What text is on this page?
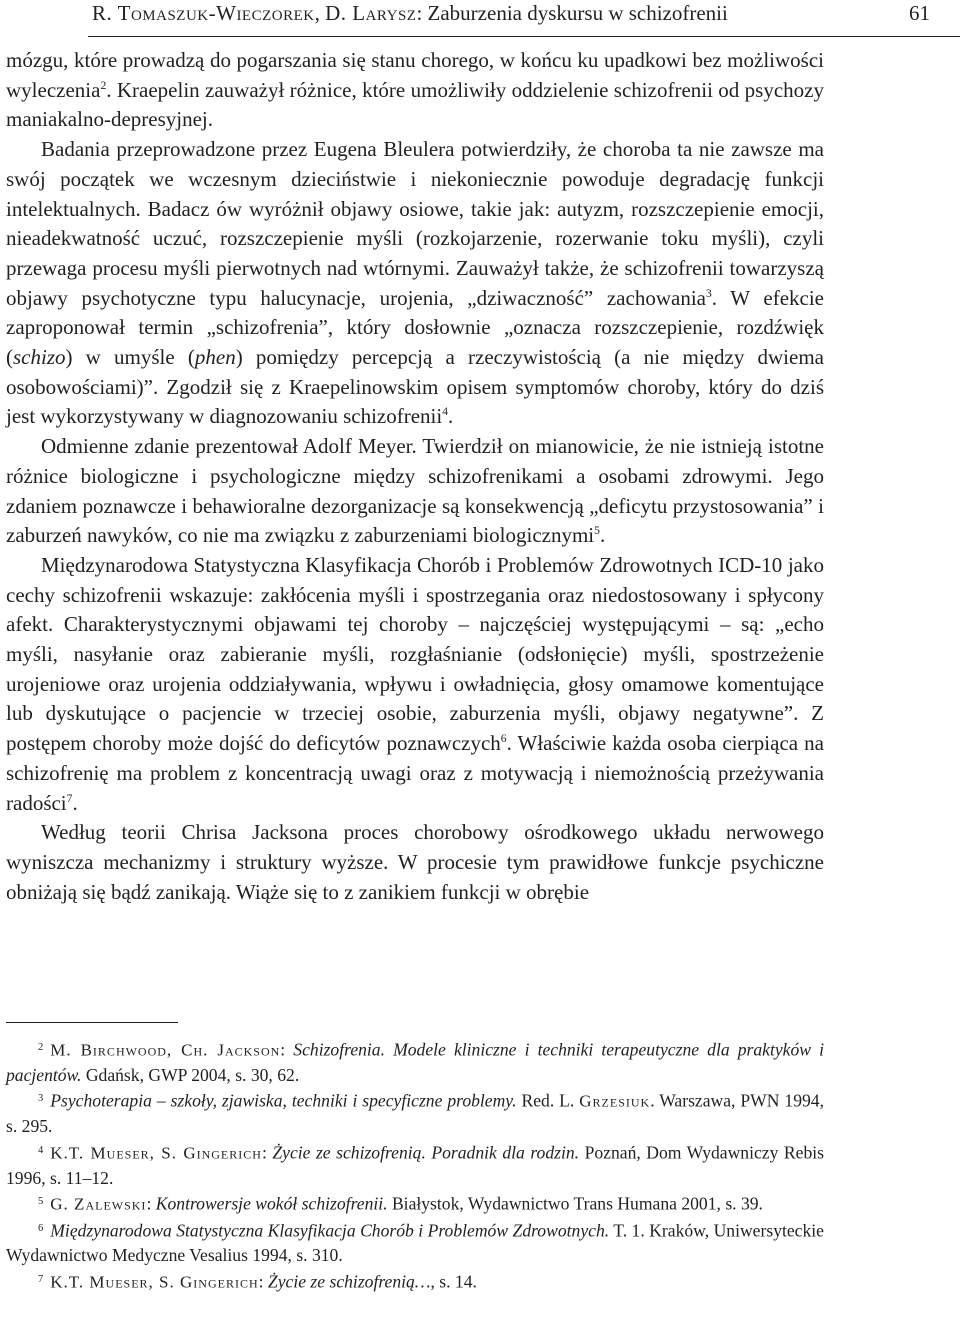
R. Tomaszuk-Wieczorek, D. Larysz: Zaburzenia dyskursu w schizofrenii	61

mózgu, które prowadzą do pogarszania się stanu chorego, w końcu ku upadkowi bez możliwości wyleczenia$^2$. Kraepelin zauważył różnice, które umożliwiły oddzielenie schizofrenii od psychozy maniakalno-depresyjnej.

Badania przeprowadzone przez Eugena Bleulera potwierdziły, że choroba ta nie zawsze ma swój początek we wczesnym dzieciństwie i niekoniecznie powoduje degradację funkcji intelektualnych. Badacz ów wyróżnił objawy osiowe, takie jak: autyzm, rozszczepienie emocji, nieadekwatność uczuć, rozszczepienie myśli (rozkojarzenie, rozerwanie toku myśli), czyli przewaga procesu myśli pierwotnych nad wtórnymi. Zauważył także, że schizofrenii towarzyszą objawy psychotyczne typu halucynacje, urojenia, „dziwaczność” zachowania$^3$. W efekcie zaproponował termin „schizofrenia”, który dosłownie „oznacza rozszczepienie, rozdźwięk (schizo) w umyśle (phen) pomiędzy percepcją a rzeczywistością (a nie między dwiema osobowościami)”. Zgodził się z Kraepelinowskim opisem symptomów choroby, który do dziś jest wykorzystywany w diagnozowaniu schizofrenii$^4$.

Odmienne zdanie prezentował Adolf Meyer. Twierdził on mianowicie, że nie istnieją istotne różnice biologiczne i psychologiczne między schizofrenikami a osobami zdrowymi. Jego zdaniem poznawcze i behawioralne dezorganizacje są konsekwencją „deficytu przystosowania” i zaburzeń nawyków, co nie ma związku z zaburzeniami biologicznymi$^5$.

Międzynarodowa Statystyczna Klasyfikacja Chorób i Problemów Zdrowotnych ICD-10 jako cechy schizofrenii wskazuje: zakłócenia myśli i spostrzegania oraz niedostosowany i spłycony afekt. Charakterystycznymi objawami tej choroby – najczęściej występującymi – są: „echo myśli, nasyłanie oraz zabieranie myśli, rozgłaśnianie (odsłonięcie) myśli, spostrzeżenie urojeniowe oraz urojenia oddziaływania, wpływu i owładnięcia, głosy omamowe komentujące lub dyskutujące o pacjencie w trzeciej osobie, zaburzenia myśli, objawy negatywne”. Z postępem choroby może dojść do deficytów poznawczych$^6$. Właściwie każda osoba cierpiąca na schizofrenię ma problem z koncentracją uwagi oraz z motywacją i niemożnością przeżywania radości$^7$.

Według teorii Chrisa Jacksona proces chorobowy ośrodkowego układu nerwowego wyniszcza mechanizmy i struktury wyższe. W procesie tym prawidłowe funkcje psychiczne obniżają się bądź zanikają. Wiąże się to z zanikiem funkcji w obrębie

$^2$ M. Birchwood, Ch. Jackson: Schizofrenia. Modele kliniczne i techniki terapeutyczne dla praktyków i pacjentów. Gdańsk, GWP 2004, s. 30, 62.

$^3$ Psychoterapia – szkoły, zjawiska, techniki i specyficzne problemy. Red. L. Grzesiuk. Warszawa, PWN 1994, s. 295.

$^4$ K.T. Mueser, S. Gingerich: Życie ze schizofrenią. Poradnik dla rodzin. Poznań, Dom Wydawniczy Rebis 1996, s. 11–12.

$^5$ G. Zalewski: Kontrowersje wokół schizofrenii. Białystok, Wydawnictwo Trans Humana 2001, s. 39.

$^6$ Międzynarodowa Statystyczna Klasyfikacja Chorób i Problemów Zdrowotnych. T. 1. Kraków, Uniwersyteckie Wydawnictwo Medyczne Vesalius 1994, s. 310.

$^7$ K.T. Mueser, S. Gingerich: Życie ze schizofrenią…, s. 14.
